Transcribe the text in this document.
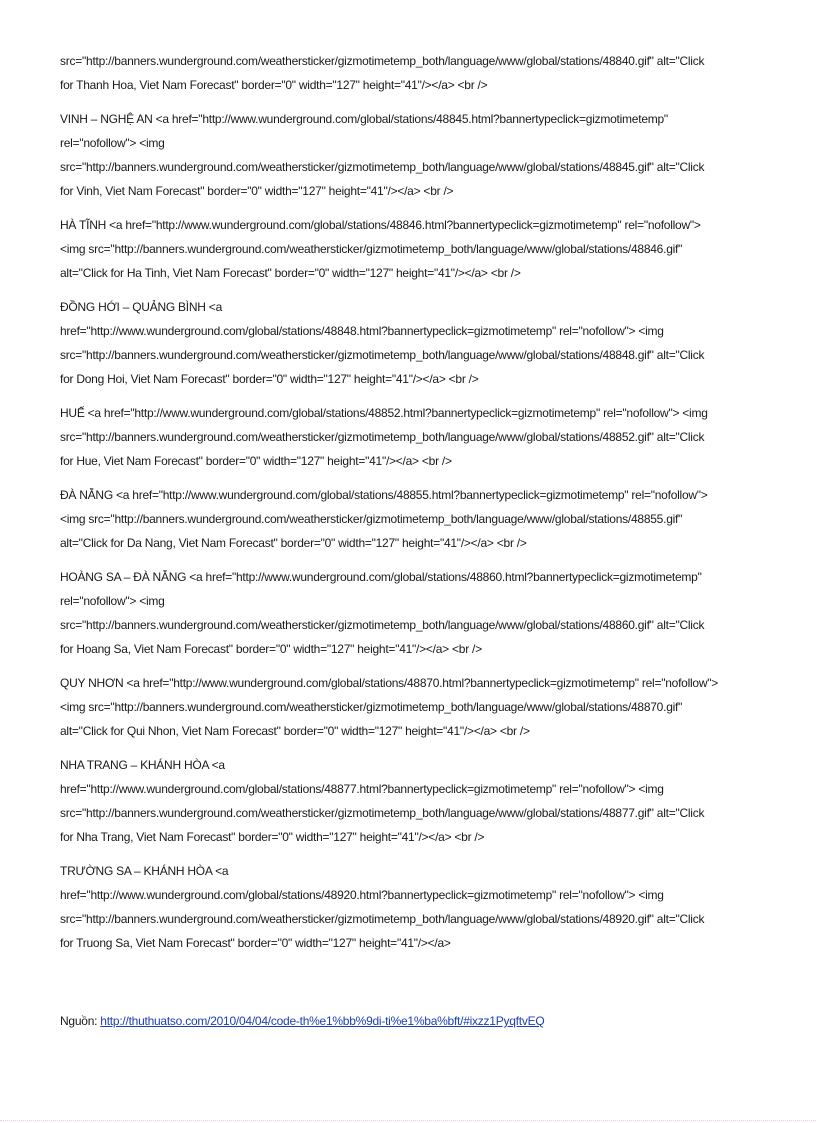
src="http://banners.wunderground.com/weathersticker/gizmotimetemp_both/language/www/global/stations/48840.gif" alt="Click
for Thanh Hoa, Viet Nam Forecast" border="0" width="127" height="41"/></a> <br />
VINH – NGHỆ AN <a href="http://www.wunderground.com/global/stations/48845.html?bannertypeclick=gizmotimetemp"
rel="nofollow"> <img
src="http://banners.wunderground.com/weathersticker/gizmotimetemp_both/language/www/global/stations/48845.gif" alt="Click
for Vinh, Viet Nam Forecast" border="0" width="127" height="41"/></a> <br />
HÀ TĨNH <a href="http://www.wunderground.com/global/stations/48846.html?bannertypeclick=gizmotimetemp" rel="nofollow">
<img src="http://banners.wunderground.com/weathersticker/gizmotimetemp_both/language/www/global/stations/48846.gif"
alt="Click for Ha Tinh, Viet Nam Forecast" border="0" width="127" height="41"/></a> <br />
ĐỒNG HỚI – QUẢNG BÌNH <a
href="http://www.wunderground.com/global/stations/48848.html?bannertypeclick=gizmotimetemp" rel="nofollow"> <img
src="http://banners.wunderground.com/weathersticker/gizmotimetemp_both/language/www/global/stations/48848.gif" alt="Click
for Dong Hoi, Viet Nam Forecast" border="0" width="127" height="41"/></a> <br />
HUẾ <a href="http://www.wunderground.com/global/stations/48852.html?bannertypeclick=gizmotimetemp" rel="nofollow"> <img
src="http://banners.wunderground.com/weathersticker/gizmotimetemp_both/language/www/global/stations/48852.gif" alt="Click
for Hue, Viet Nam Forecast" border="0" width="127" height="41"/></a> <br />
ĐÀ NẴNG <a href="http://www.wunderground.com/global/stations/48855.html?bannertypeclick=gizmotimetemp" rel="nofollow">
<img src="http://banners.wunderground.com/weathersticker/gizmotimetemp_both/language/www/global/stations/48855.gif"
alt="Click for Da Nang, Viet Nam Forecast" border="0" width="127" height="41"/></a> <br />
HOÀNG SA – ĐÀ NẴNG <a href="http://www.wunderground.com/global/stations/48860.html?bannertypeclick=gizmotimetemp"
rel="nofollow"> <img
src="http://banners.wunderground.com/weathersticker/gizmotimetemp_both/language/www/global/stations/48860.gif" alt="Click
for Hoang Sa, Viet Nam Forecast" border="0" width="127" height="41"/></a> <br />
QUY NHƠN <a href="http://www.wunderground.com/global/stations/48870.html?bannertypeclick=gizmotimetemp" rel="nofollow">
<img src="http://banners.wunderground.com/weathersticker/gizmotimetemp_both/language/www/global/stations/48870.gif"
alt="Click for Qui Nhon, Viet Nam Forecast" border="0" width="127" height="41"/></a> <br />
NHA TRANG – KHÁNH HÒA <a
href="http://www.wunderground.com/global/stations/48877.html?bannertypeclick=gizmotimetemp" rel="nofollow"> <img
src="http://banners.wunderground.com/weathersticker/gizmotimetemp_both/language/www/global/stations/48877.gif" alt="Click
for Nha Trang, Viet Nam Forecast" border="0" width="127" height="41"/></a> <br />
TRƯỜNG SA – KHÁNH HÒA <a
href="http://www.wunderground.com/global/stations/48920.html?bannertypeclick=gizmotimetemp" rel="nofollow"> <img
src="http://banners.wunderground.com/weathersticker/gizmotimetemp_both/language/www/global/stations/48920.gif" alt="Click
for Truong Sa, Viet Nam Forecast" border="0" width="127" height="41"/></a>
Nguồn: http://thuthuatso.com/2010/04/04/code-th%e1%bb%9di-ti%e1%ba%bft/#ixzz1PyqftvEQ
